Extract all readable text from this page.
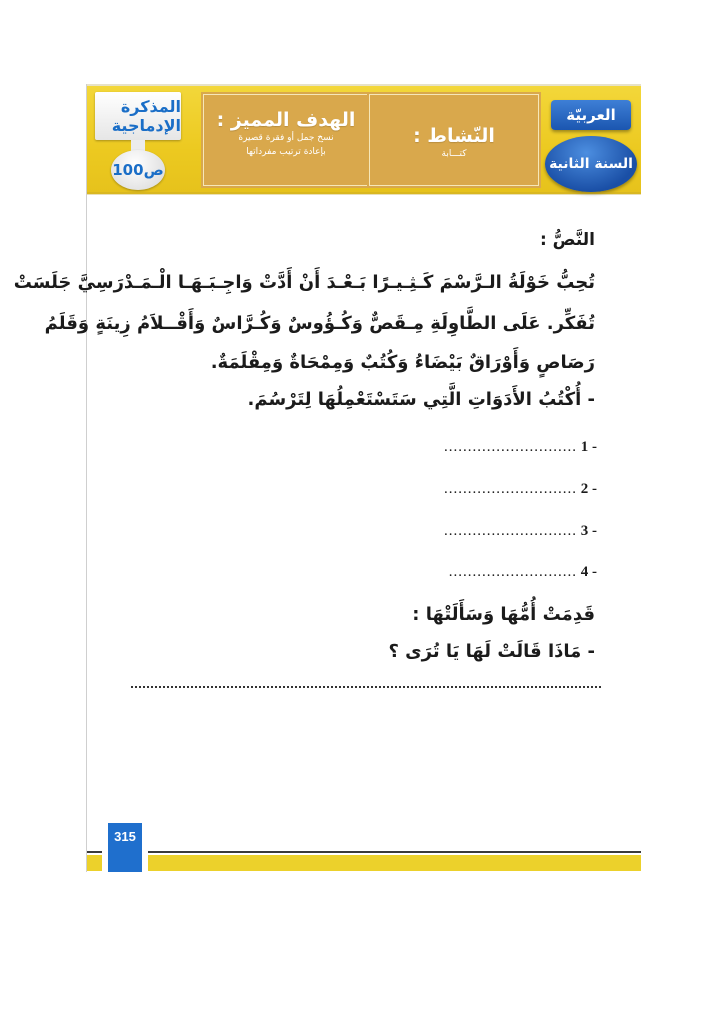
المذكرة الإدماجية
100ص
الهدف المميز :
نسخ جمل أو فقرة قصيرة
بإعادة ترتيب مفرداتها
النّشاط :
كتـــابة
العربيّة
السنة الثانية
النَّصُّ :
تُحِبُّ خَوْلَةُ الـرَّسْمَ كَـثِـيـرًا بَـعْـدَ أَنْ أَدَّتْ وَاجِـبَـهَـا الْـمَـدْرَسِيَّ جَلَسَتْ
تُفَكِّر. عَلَى الطَّاوِلَةِ مِـقَصٌّ وَكُـؤُوسٌ وَكُـرَّاسٌ وَأَقْــلاَمُ زِينَةٍ وَقَلَمُ
رَصَاصٍ وَأَوْرَاقٌ بَيْضَاءُ وَكُتُبٌ وَمِمْحَاةٌ وَمِقْلَمَةٌ.
- أُكْتُبُ الأَدَوَاتِ الَّتِي سَتَسْتَعْمِلُهَا لِتَرْسُمَ.
............................ 1 -
............................ 2 -
............................ 3 -
........................... 4 -
قَدِمَتْ أُمُّهَا وَسَأَلَتْهَا :
- مَاذَا قَالَتْ لَهَا يَا تُرَى ؟
315
